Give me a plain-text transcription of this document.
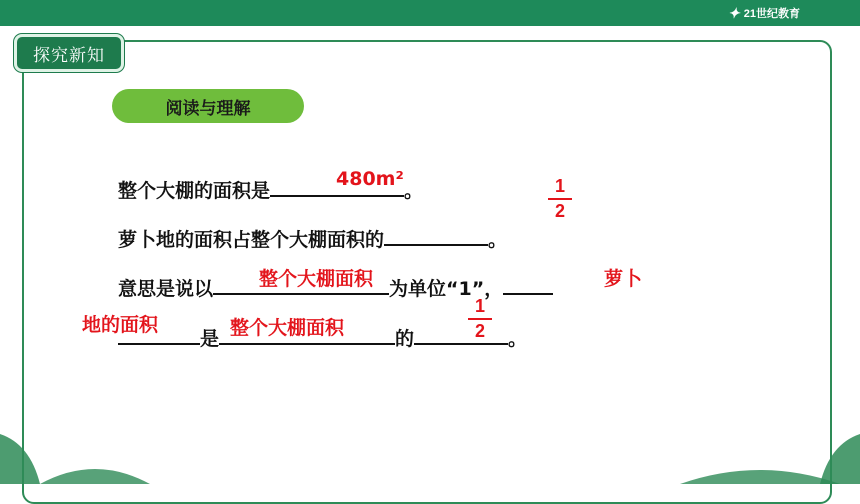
✦ 21世纪教育
探究新知
阅读与理解
整个大棚的面积是	。
480m²	1
2
萝卜地的面积占整个大棚面积的	。
意思是说以	为单位“1”，
整个大棚面积	萝卜
地的面积
是	的	。
整个大棚面积
1
2
